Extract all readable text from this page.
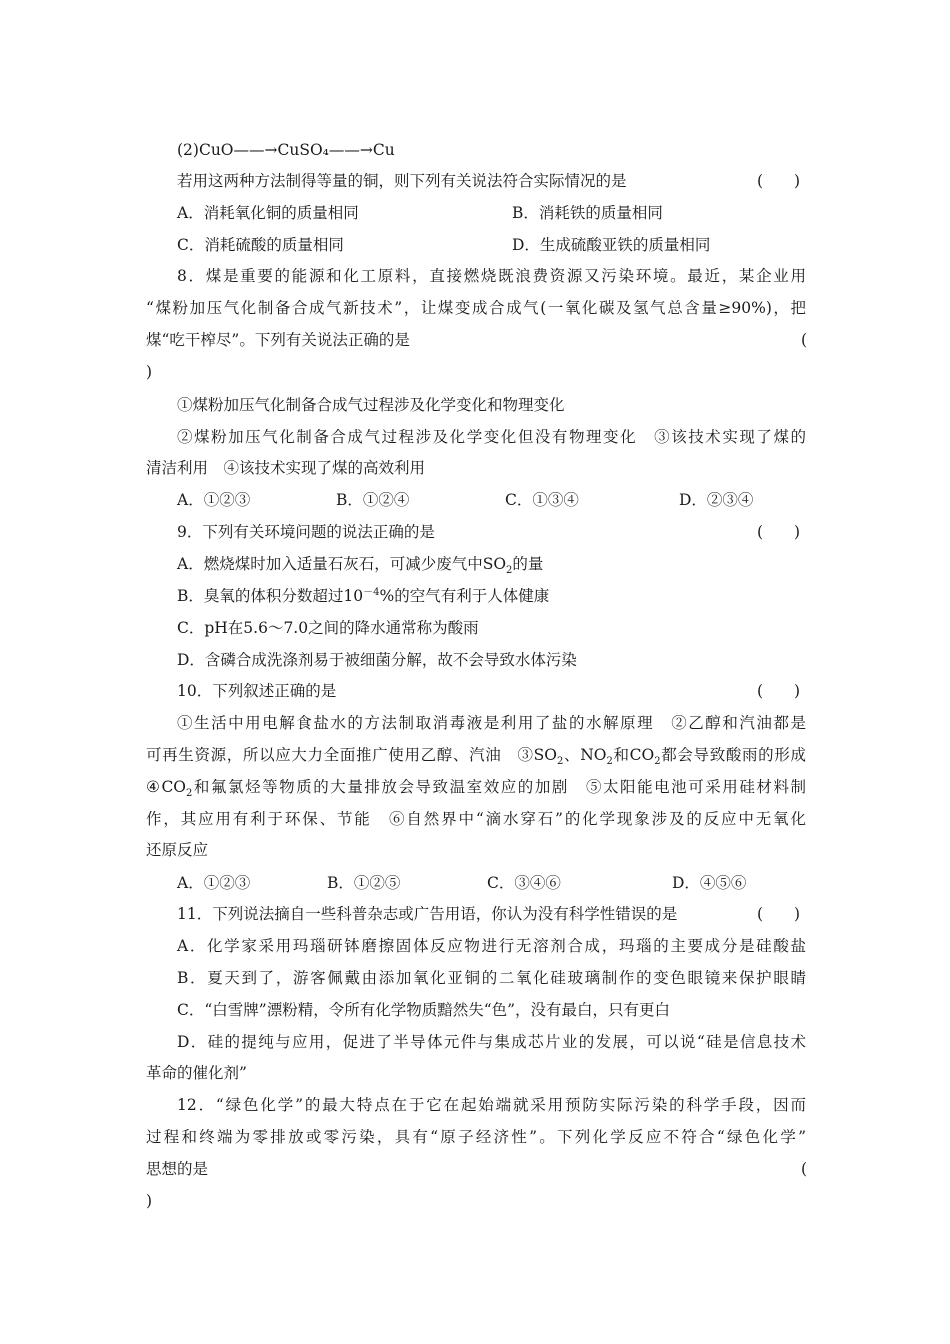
(2)CuO——→CuSO₄——→Cu
若用这两种方法制得等量的铜，则下列有关说法符合实际情况的是	(　　)
A．消耗氧化铜的质量相同	B．消耗铁的质量相同
C．消耗硫酸的质量相同	D．生成硫酸亚铁的质量相同
8．煤是重要的能源和化工原料，直接燃烧既浪费资源又污染环境。最近，某企业用
“煤粉加压气化制备合成气新技术”，让煤变成合成气(一氧化碳及氢气总含量≥90%)，把
煤“吃干榨尽”。下列有关说法正确的是	(
)
①煤粉加压气化制备合成气过程涉及化学变化和物理变化
②煤粉加压气化制备合成气过程涉及化学变化但没有物理变化　③该技术实现了煤的
清洁利用　④该技术实现了煤的高效利用
A．①②③	B．①②④	C．①③④	D．②③④
9．下列有关环境问题的说法正确的是	(　　)
A．燃烧煤时加入适量石灰石，可减少废气中$SO_2$的量
B．臭氧的体积分数超过$10^{-4}\%$的空气有利于人体健康
C．pH在5.6～7.0之间的降水通常称为酸雨
D．含磷合成洗涤剂易于被细菌分解，故不会导致水体污染
10．下列叙述正确的是	(　　)
①生活中用电解食盐水的方法制取消毒液是利用了盐的水解原理　②乙醇和汽油都是
可再生资源，所以应大力全面推广使用乙醇、汽油　$③SO_2$、$NO_2$和$CO_2$都会导致酸雨的形成
$④CO_2$和氟氯烃等物质的大量排放会导致温室效应的加剧　⑤太阳能电池可采用硅材料制
作，其应用有利于环保、节能　⑥自然界中“滴水穿石”的化学现象涉及的反应中无氧化
还原反应
A．①②③	B．①②⑤	C．③④⑥	D．④⑤⑥
11．下列说法摘自一些科普杂志或广告用语，你认为没有科学性错误的是	(　　)
A．化学家采用玛瑙研钵磨擦固体反应物进行无溶剂合成，玛瑙的主要成分是硅酸盐
B．夏天到了，游客佩戴由添加氧化亚铜的二氧化硅玻璃制作的变色眼镜来保护眼睛
C．“白雪牌”漂粉精，令所有化学物质黯然失“色”，没有最白，只有更白
D．硅的提纯与应用，促进了半导体元件与集成芯片业的发展，可以说“硅是信息技术
革命的催化剂”
12．“绿色化学”的最大特点在于它在起始端就采用预防实际污染的科学手段，因而
过程和终端为零排放或零污染，具有“原子经济性”。下列化学反应不符合“绿色化学”
思想的是	(
)
